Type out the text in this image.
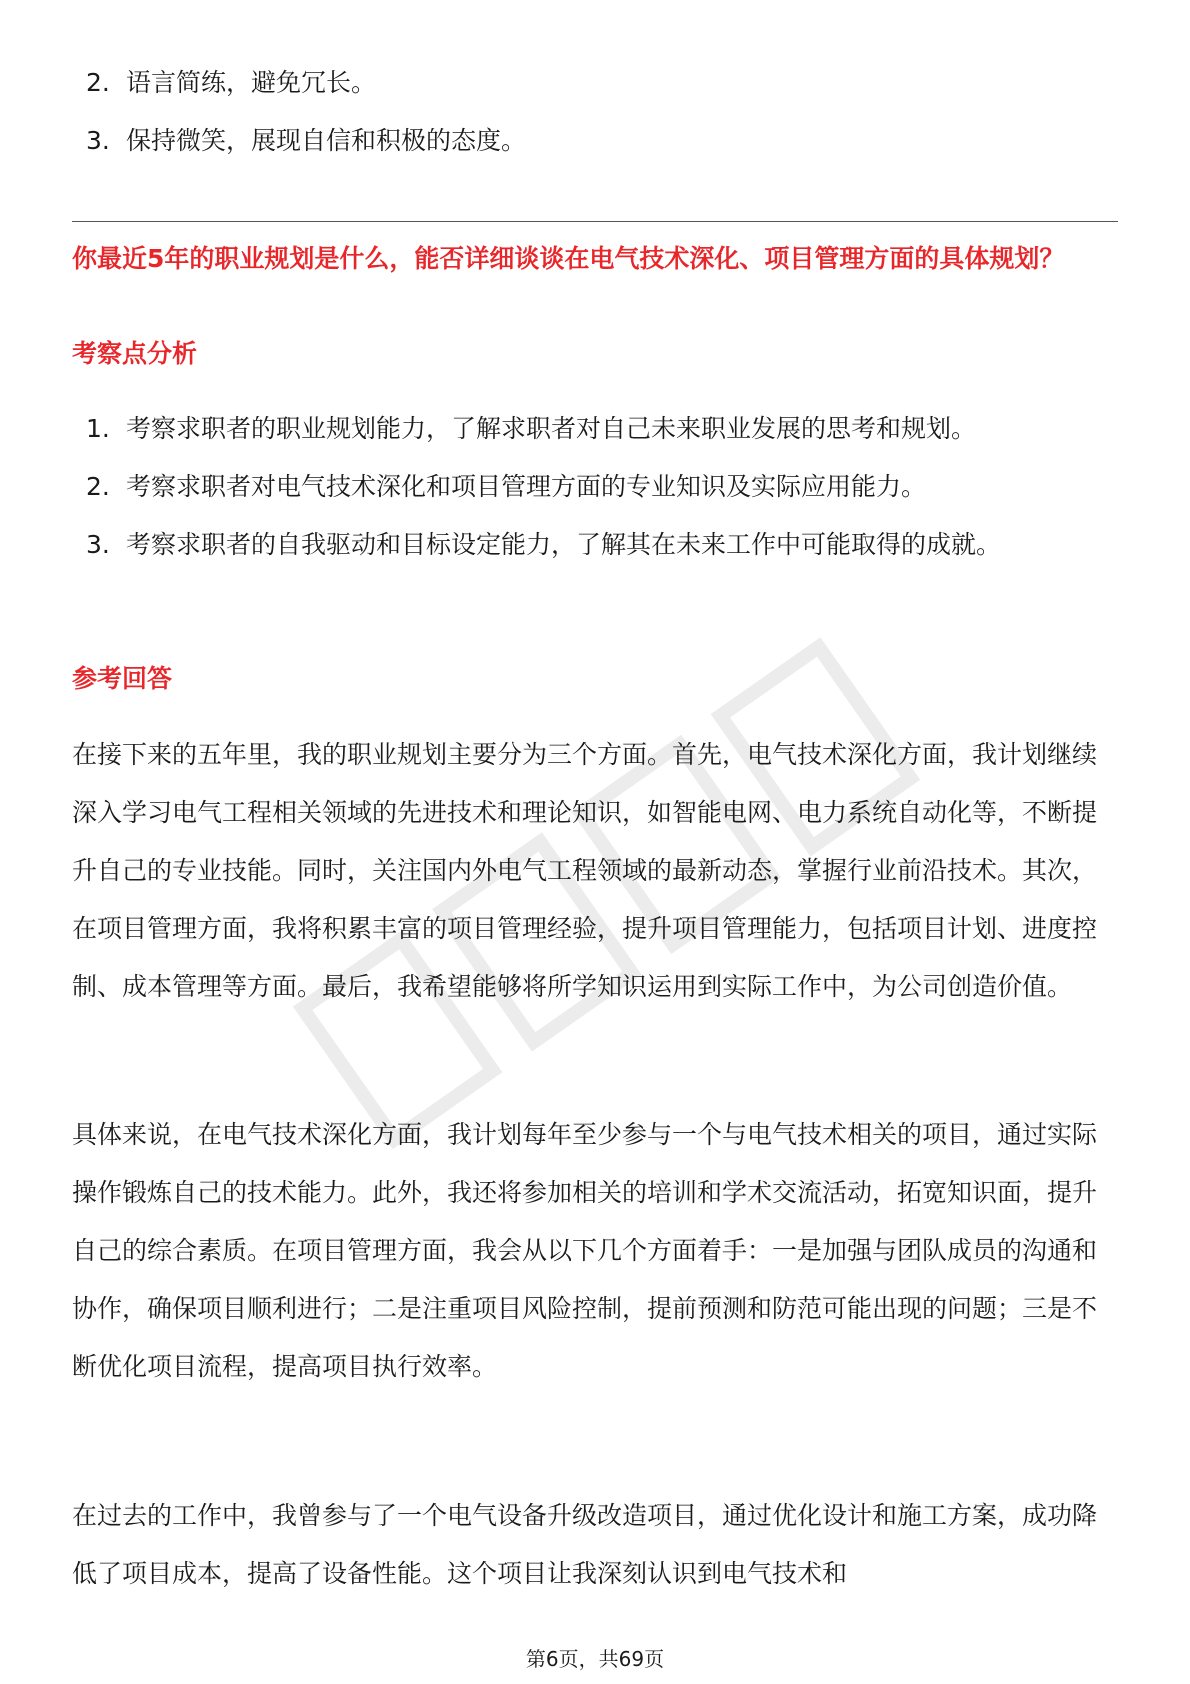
2. 语言简练，避免冗长。
3. 保持微笑，展现自信和积极的态度。
你最近5年的职业规划是什么，能否详细谈谈在电气技术深化、项目管理方面的具体规划？
考察点分析
1. 考察求职者的职业规划能力，了解求职者对自己未来职业发展的思考和规划。
2. 考察求职者对电气技术深化和项目管理方面的专业知识及实际应用能力。
3. 考察求职者的自我驱动和目标设定能力，了解其在未来工作中可能取得的成就。
参考回答

在接下来的五年里，我的职业规划主要分为三个方面。首先，电气技术深化方面，我计划继续深入学习电气工程相关领域的先进技术和理论知识，如智能电网、电力系统自动化等，不断提升自己的专业技能。同时，关注国内外电气工程领域的最新动态，掌握行业前沿技术。其次，在项目管理方面，我将积累丰富的项目管理经验，提升项目管理能力，包括项目计划、进度控制、成本管理等方面。最后，我希望能够将所学知识运用到实际工作中，为公司创造价值。

具体来说，在电气技术深化方面，我计划每年至少参与一个与电气技术相关的项目，通过实际操作锻炼自己的技术能力。此外，我还将参加相关的培训和学术交流活动，拓宽知识面，提升自己的综合素质。在项目管理方面，我会从以下几个方面着手：一是加强与团队成员的沟通和协作，确保项目顺利进行；二是注重项目风险控制，提前预测和防范可能出现的问题；三是不断优化项目流程，提高项目执行效率。

在过去的工作中，我曾参与了一个电气设备升级改造项目，通过优化设计和施工方案，成功降低了项目成本，提高了设备性能。这个项目让我深刻认识到电气技术和

第6页，共69页
